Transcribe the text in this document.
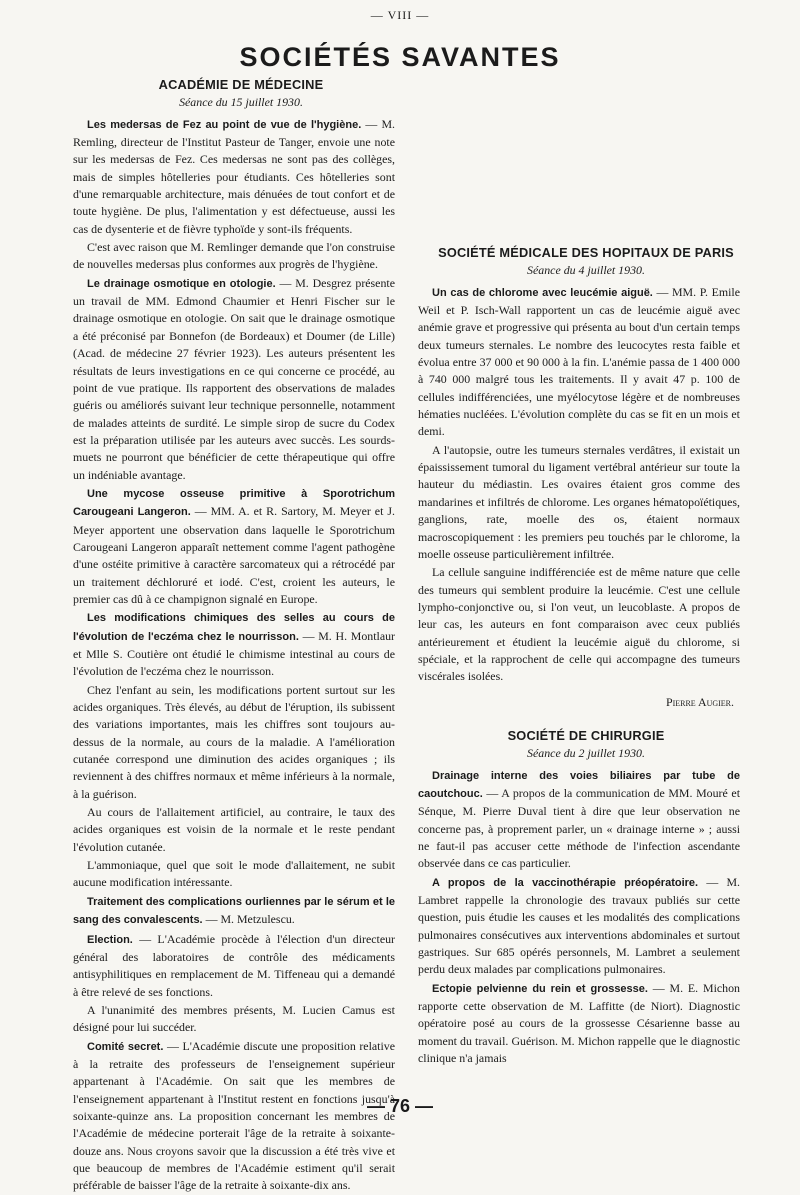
— VIII —
SOCIÉTÉS SAVANTES

ACADÉMIE DE MÉDECINE

Séance du 15 juillet 1930.

Les medersas de Fez au point de vue de l'hygiène. — M. Remling, directeur de l'Institut Pasteur de Tanger, envoie une note sur les medersas de Fez. Ces medersas ne sont pas des collèges, mais de simples hôtelleries pour étudiants. Ces hôtelleries sont d'une remarquable architecture, mais dénuées de tout confort et de toute hygiène. De plus, l'alimentation y est défectueuse, aussi les cas de dysenterie et de fièvre typhoïde y sont-ils fréquents.

C'est avec raison que M. Remlinger demande que l'on construise de nouvelles medersas plus conformes aux progrès de l'hygiène.

Le drainage osmotique en otologie. — M. Desgrez présente un travail de MM. Edmond Chaumier et Henri Fischer sur le drainage osmotique en otologie. On sait que le drainage osmotique a été préconisé par Bonnefon (de Bordeaux) et Doumer (de Lille) (Acad. de médecine 27 février 1923). Les auteurs présentent les résultats de leurs investigations en ce qui concerne ce procédé, au point de vue pratique. Ils rapportent des observations de malades guéris ou améliorés suivant leur technique personnelle, notamment de malades atteints de surdité. Le simple sirop de sucre du Codex est la préparation utilisée par les auteurs avec succès. Les sourds-muets ne pourront que bénéficier de cette thérapeutique qui offre un indéniable avantage.

Une mycose osseuse primitive à Sporotrichum Carougeani Langeron. — MM. A. et R. Sartory, M. Meyer et J. Meyer apportent une observation dans laquelle le Sporotrichum Carougeani Langeron apparaît nettement comme l'agent pathogène d'une ostéite primitive à caractère sarcomateux qui a rétrocédé par un traitement déchloruré et iodé. C'est, croient les auteurs, le premier cas dû à ce champignon signalé en Europe.

Les modifications chimiques des selles au cours de l'évolution de l'eczéma chez le nourrisson. — M. H. Montlaur et Mlle S. Coutière ont étudié le chimisme intestinal au cours de l'évolution de l'eczéma chez le nourrisson.

Chez l'enfant au sein, les modifications portent surtout sur les acides organiques. Très élevés, au début de l'éruption, ils subissent des variations importantes, mais les chiffres sont toujours au-dessus de la normale, au cours de la maladie. A l'amélioration cutanée correspond une diminution des acides organiques ; ils reviennent à des chiffres normaux et même inférieurs à la normale, à la guérison.

Au cours de l'allaitement artificiel, au contraire, le taux des acides organiques est voisin de la normale et le reste pendant l'évolution cutanée.

L'ammoniaque, quel que soit le mode d'allaitement, ne subit aucune modification intéressante.

Traitement des complications ourliennes par le sérum et le sang des convalescents. — M. Metzulescu.

Election. — L'Académie procède à l'élection d'un directeur général des laboratoires de contrôle des médicaments antisyphilitiques en remplacement de M. Tiffeneau qui a demandé à être relevé de ses fonctions.

A l'unanimité des membres présents, M. Lucien Camus est désigné pour lui succéder.

Comité secret. — L'Académie discute une proposition relative à la retraite des professeurs de l'enseignement supérieur appartenant à l'Académie. On sait que les membres de l'enseignement appartenant à l'Institut restent en fonctions jusqu'à soixante-quinze ans. La proposition concernant les membres de l'Académie de médecine porterait l'âge de la retraite à soixante-douze ans. Nous croyons savoir que la discussion a été très vive et que beaucoup de membres de l'Académie estiment qu'il serait préférable de baisser l'âge de la retraite à soixante-dix ans.

SOCIÉTÉ MÉDICALE DES HOPITAUX DE PARIS

Séance du 4 juillet 1930.

Un cas de chlorome avec leucémie aiguë. — MM. P. Emile Weil et P. Isch-Wall rapportent un cas de leucémie aiguë avec anémie grave et progressive qui présenta au bout d'un certain temps deux tumeurs sternales. Le nombre des leucocytes resta faible et évolua entre 37 000 et 90 000 à la fin. L'anémie passa de 1 400 000 à 740 000 malgré tous les traitements. Il y avait 47 p. 100 de cellules indifférenciées, une myélocytose légère et de nombreuses hématies nucléées. L'évolution complète du cas se fit en un mois et demi.

A l'autopsie, outre les tumeurs sternales verdâtres, il existait un épaississement tumoral du ligament vertébral antérieur sur toute la hauteur du médiastin. Les ovaires étaient gros comme des mandarines et infiltrés de chlorome. Les organes hématopoïétiques, ganglions, rate, moelle des os, étaient normaux macroscopiquement : les premiers peu touchés par le chlorome, la moelle osseuse particulièrement infiltrée.

La cellule sanguine indifférenciée est de même nature que celle des tumeurs qui semblent produire la leucémie. C'est une cellule lympho-conjonctive ou, si l'on veut, un leucoblaste. A propos de leur cas, les auteurs en font comparaison avec ceux publiés antérieurement et étudient la leucémie aiguë du chlorome, si spéciale, et la rapprochent de celle qui accompagne des tumeurs viscérales isolées.

Pierre Augier.

SOCIÉTÉ DE CHIRURGIE

Séance du 2 juillet 1930.

Drainage interne des voies biliaires par tube de caoutchouc. — A propos de la communication de MM. Mouré et Sénque, M. Pierre Duval tient à dire que leur observation ne concerne pas, à proprement parler, un « drainage interne » ; aussi ne faut-il pas accuser cette méthode de l'infection ascendante observée dans ce cas particulier.

A propos de la vaccinothérapie préopératoire. — M. Lambret rappelle la chronologie des travaux publiés sur cette question, puis étudie les causes et les modalités des complications pulmonaires consécutives aux interventions abdominales et surtout gastriques. Sur 685 opérés personnels, M. Lambret a seulement perdu deux malades par complications pulmonaires.

Ectopie pelvienne du rein et grossesse. — M. E. Michon rapporte cette observation de M. Laffitte (de Niort). Diagnostic opératoire posé au cours de la grossesse Césarienne basse au moment du travail. Guérison. M. Michon rappelle que le diagnostic clinique n'a jamais

— 76 —
